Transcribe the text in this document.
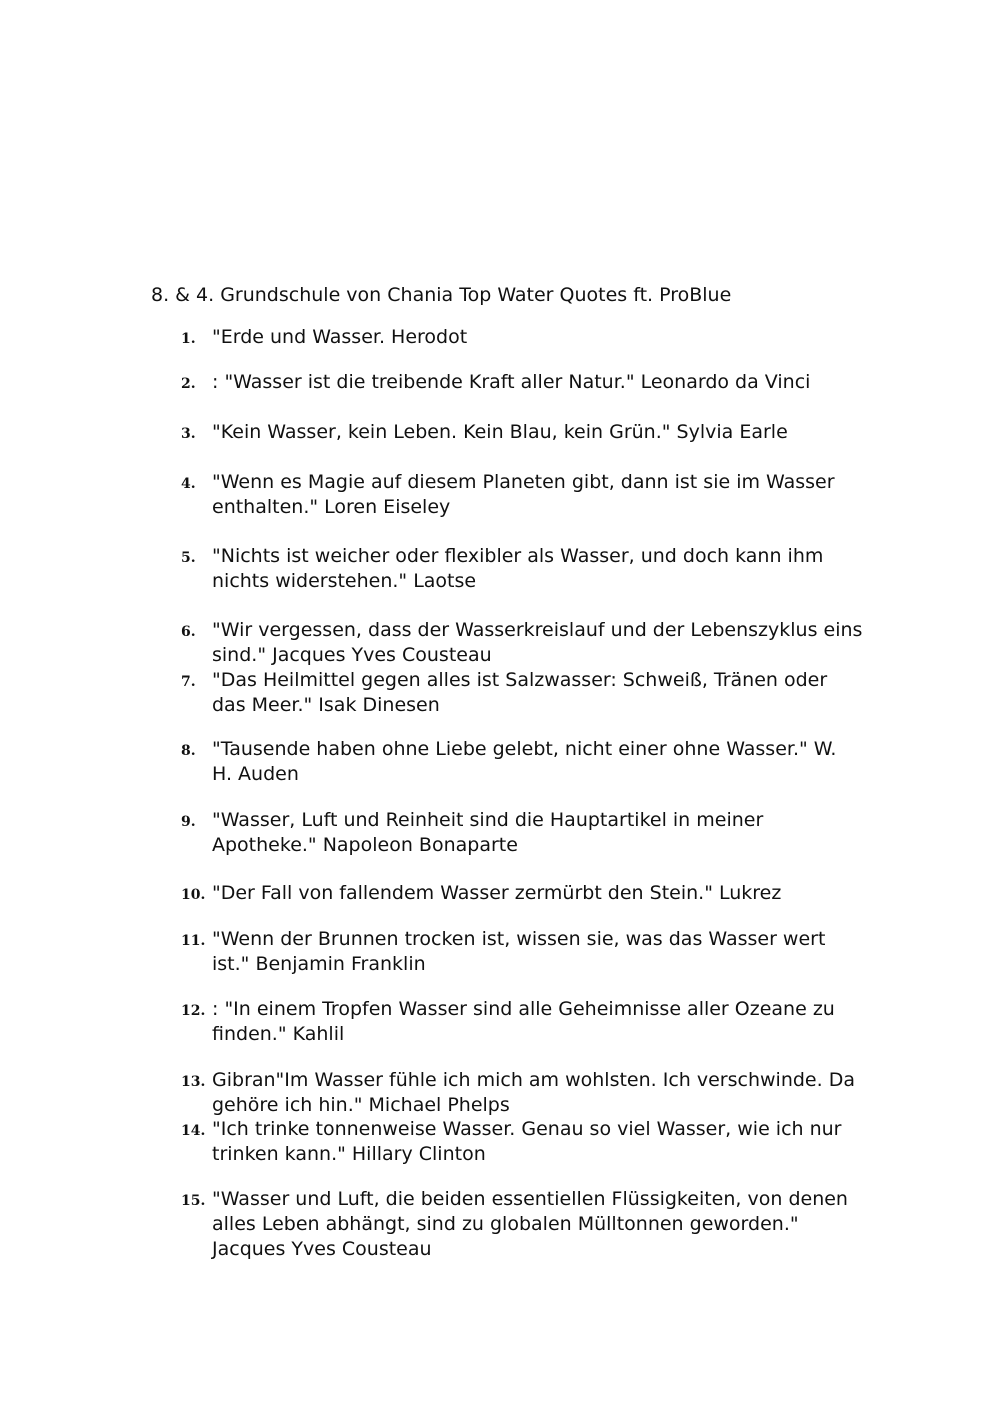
8. & 4. Grundschule von Chania Top Water Quotes ft. ProBlue
1. "Erde und Wasser. Herodot
2. : "Wasser ist die treibende Kraft aller Natur." Leonardo da Vinci
3. "Kein Wasser, kein Leben. Kein Blau, kein Grün." Sylvia Earle
4. "Wenn es Magie auf diesem Planeten gibt, dann ist sie im Wasser
enthalten." Loren Eiseley
5. "Nichts ist weicher oder flexibler als Wasser, und doch kann ihm
nichts widerstehen." Laotse
6. "Wir vergessen, dass der Wasserkreislauf und der Lebenszyklus eins
sind." Jacques Yves Cousteau
7. "Das Heilmittel gegen alles ist Salzwasser: Schweiß, Tränen oder
das Meer." Isak Dinesen
8. "Tausende haben ohne Liebe gelebt, nicht einer ohne Wasser." W.
H. Auden
9. "Wasser, Luft und Reinheit sind die Hauptartikel in meiner
Apotheke." Napoleon Bonaparte
10. "Der Fall von fallendem Wasser zermürbt den Stein." Lukrez
11. "Wenn der Brunnen trocken ist, wissen sie, was das Wasser wert
ist." Benjamin Franklin
12. : "In einem Tropfen Wasser sind alle Geheimnisse aller Ozeane zu
finden." Kahlil
13. Gibran"Im Wasser fühle ich mich am wohlsten. Ich verschwinde. Da
gehöre ich hin." Michael Phelps
14. "Ich trinke tonnenweise Wasser. Genau so viel Wasser, wie ich nur
trinken kann." Hillary Clinton
15. "Wasser und Luft, die beiden essentiellen Flüssigkeiten, von denen
alles Leben abhängt, sind zu globalen Mülltonnen geworden."
Jacques Yves Cousteau
